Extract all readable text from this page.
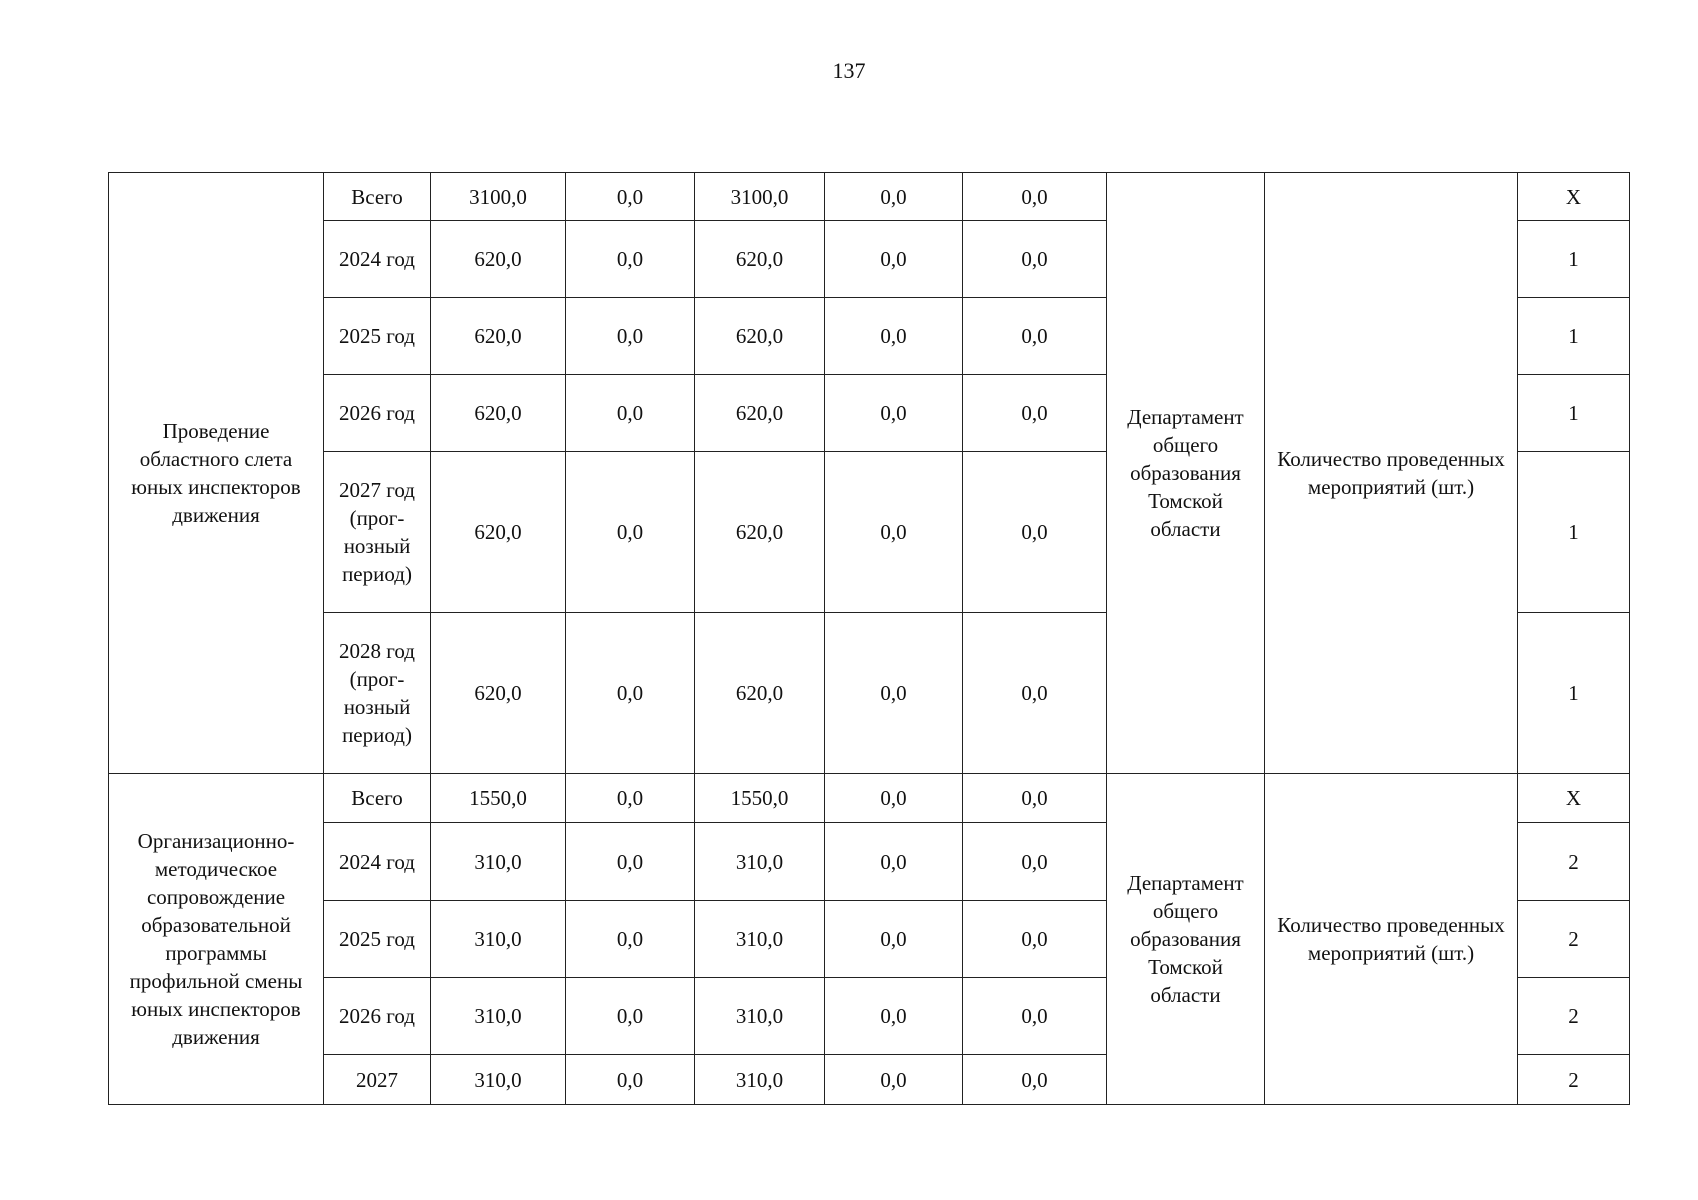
137
Проведение областного слета юных инспекторов движения	Всего	3100,0	0,0	3100,0	0,0	0,0	Департамент общего образования Томской области	Количество проведенных мероприятий (шт.)	X
	2024 год	620,0	0,0	620,0	0,0	0,0			1
	2025 год	620,0	0,0	620,0	0,0	0,0			1
	2026 год	620,0	0,0	620,0	0,0	0,0			1
	2027 год (прог-нозный период)	620,0	0,0	620,0	0,0	0,0			1
	2028 год (прог-нозный период)	620,0	0,0	620,0	0,0	0,0			1
Организационно-методическое сопровождение образовательной программы профильной смены юных инспекторов движения	Всего	1550,0	0,0	1550,0	0,0	0,0	Департамент общего образования Томской области	Количество проведенных мероприятий (шт.)	X
	2024 год	310,0	0,0	310,0	0,0	0,0			2
	2025 год	310,0	0,0	310,0	0,0	0,0			2
	2026 год	310,0	0,0	310,0	0,0	0,0			2
	2027	310,0	0,0	310,0	0,0	0,0			2
